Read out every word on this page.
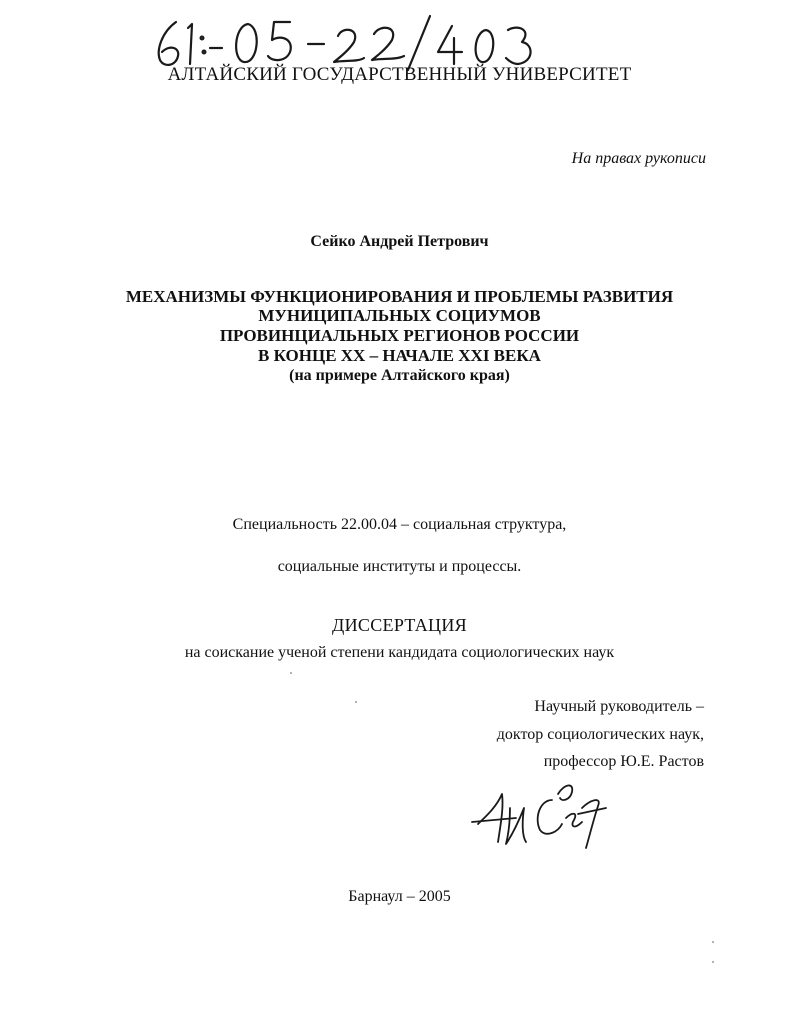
АЛТАЙСКИЙ ГОСУДАРСТВЕННЫЙ УНИВЕРСИТЕТ
На правах рукописи
Сейко Андрей Петрович
МЕХАНИЗМЫ ФУНКЦИОНИРОВАНИЯ И ПРОБЛЕМЫ РАЗВИТИЯ
МУНИЦИПАЛЬНЫХ СОЦИУМОВ
ПРОВИНЦИАЛЬНЫХ РЕГИОНОВ РОССИИ
В КОНЦЕ XX – НАЧАЛЕ XXI ВЕКА
(на примере Алтайского края)
Специальность 22.00.04 – социальная структура,
социальные институты и процессы.
ДИССЕРТАЦИЯ
на соискание ученой степени кандидата социологических наук
Научный руководитель –
доктор социологических наук,
профессор Ю.Е. Растов
Барнаул – 2005
